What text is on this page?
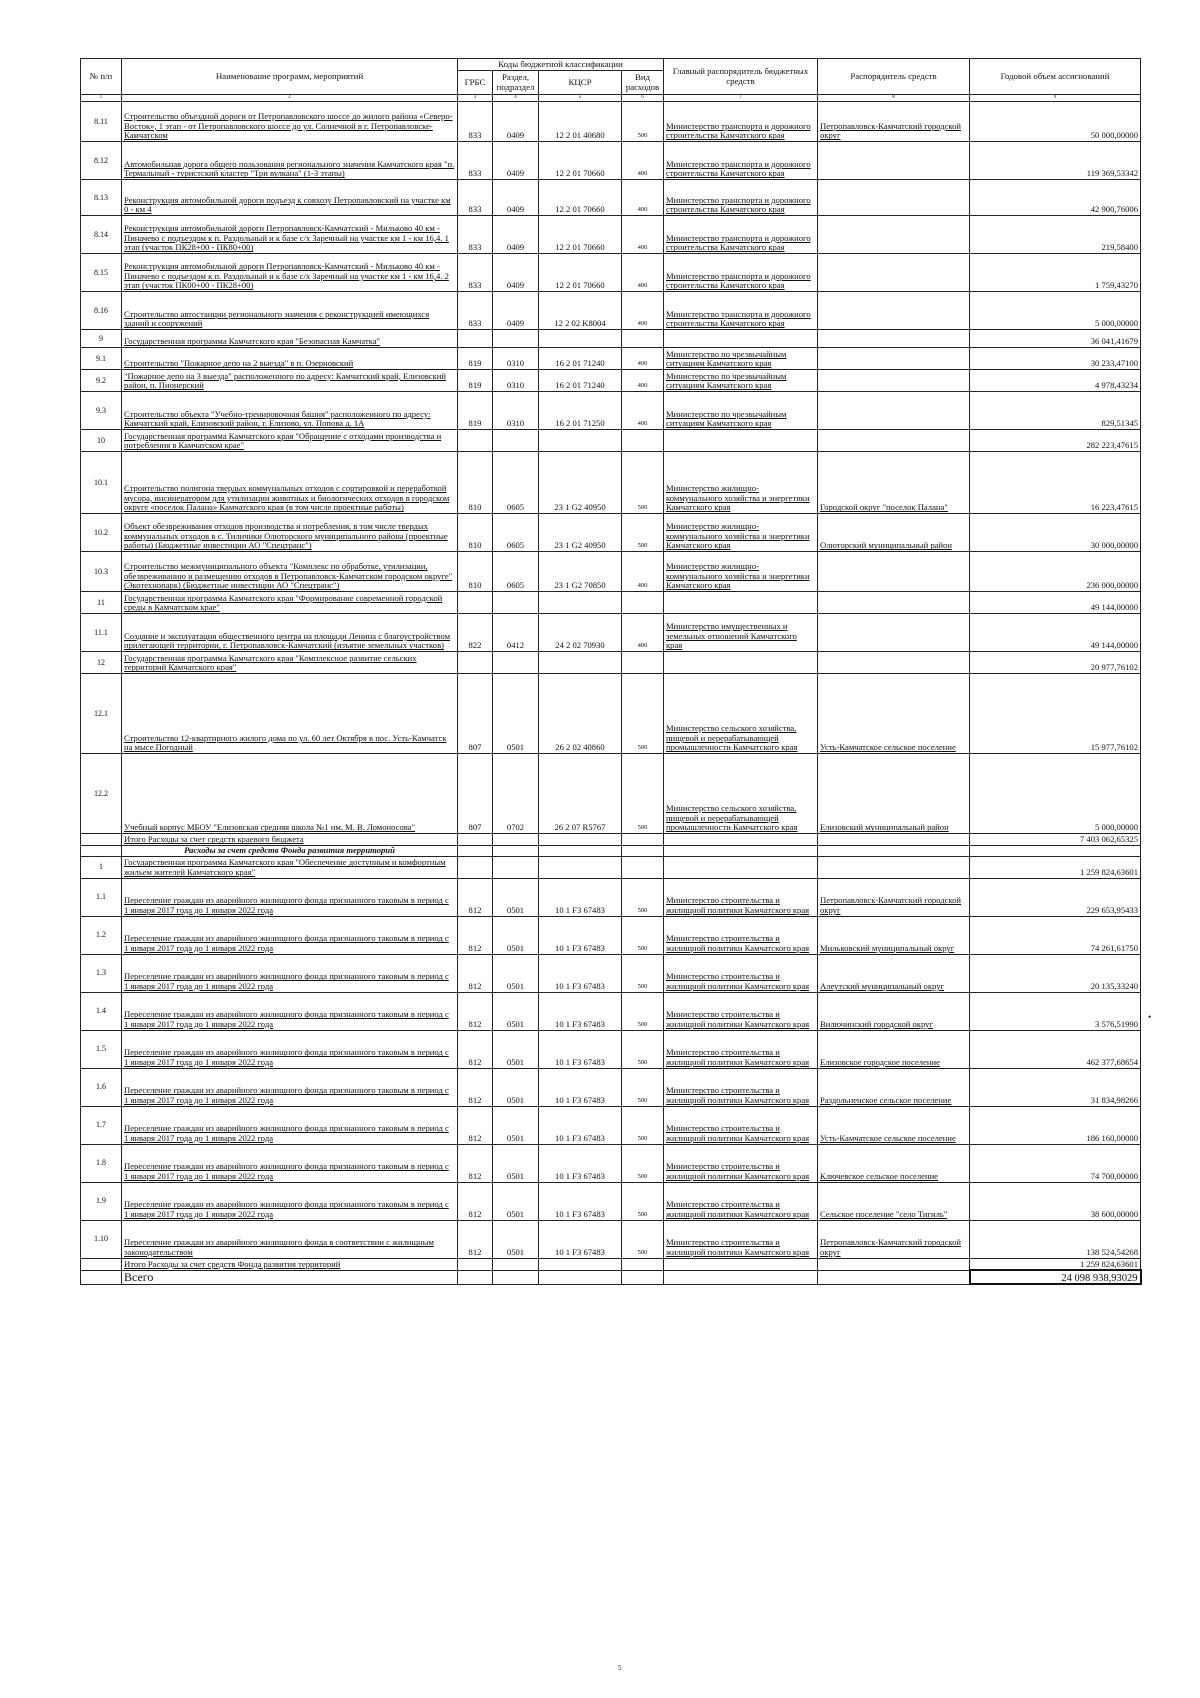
№ п/п	Наименование программ, мероприятий	Коды бюджетной классификации				Главный распорядитель бюджетных средств	Распорядитель средств	Годовой объем ассигнований
		ГРБС	Раздел, подраздел	КЦСР	Вид расходов			
1	2	3	4	5	6	7	8	9
8.11	Строительство объездной дороги от Петропавловского шоссе до жилого района «Северо-Восток», 1 этап - от Петропавловского шоссе до ул. Солнечной в г. Петропавловске-Камчатском	833	0409	12 2 01 40680	500	Министерство транспорта и дорожного строительства Камчатского края	Петропавловск-Камчатский городской округ	50 000,00000
8.12	Автомобильная дорога общего пользования регионального значения Камчатского края "п. Термальный - туристский кластер "Три вулкана" (1-3 этапы)	833	0409	12 2 01 70660	400	Министерство транспорта и дорожного строительства Камчатского края		119 369,53342
8.13	Реконструкция автомобильной дороги подъезд к совхозу Петропавловский на участке км 0 - км 4	833	0409	12 2 01 70660	400	Министерство транспорта и дорожного строительства Камчатского края		42 900,76006
8.14	Реконструкция автомобильной дороги Петропавловск-Камчатский - Мильково 40 км - Пиначево с подъездом к п. Раздольный и к базе с/х Заречный на участке км 1 - км 16,4. 1 этап (участок ПК28+00 - ПК80+00)	833	0409	12 2 01 70660	400	Министерство транспорта и дорожного строительства Камчатского края		219,58400
8.15	Реконструкция автомобильной дороги Петропавловск-Камчатский - Мильково 40 км - Пиначево с подъездом к п. Раздольный и к базе с/х Заречный на участке км 1 - км 16,4. 2 этап (участок ПК00+00 - ПК28+00)	833	0409	12 2 01 70660	400	Министерство транспорта и дорожного строительства Камчатского края		1 759,43270
8.16	Строительство автостанции регионального значения с реконструкцией имеющихся зданий и сооружений	833	0409	12 2 02 K8004	400	Министерство транспорта и дорожного строительства Камчатского края		5 000,00000
9	Государственная программа Камчатского края "Безопасная Камчатка"							36 041,41679
9.1	Строительство "Пожарное депо на 2 выезда" в п. Озерновский	819	0310	16 2 01 71240	400	Министерство по чрезвычайным ситуациям Камчатского края		30 233,47100
9.2	"Пожарное депо на 3 выезда" расположенного по адресу: Камчатский край, Елизовский район, п. Пионерский	819	0310	16 2 01 71240	400	Министерство по чрезвычайным ситуациям Камчатского края		4 978,43234
9.3	Строительство объекта "Учебно-тренировочная башня" расположенного по адресу: Камчатский край, Елизовский район, г. Елизово, ул. Попова д. 1А	819	0310	16 2 01 71250	400	Министерство по чрезвычайным ситуациям Камчатского края		829,51345
10	Государственная программа Камчатского края "Обращение с отходами производства и потребления в Камчатском крае"							282 223,47615
10.1	Строительство полигона твердых коммунальных отходов с сортировкой и переработкой мусора, инсинератором для утилизации животных и биологических отходов в городском округе «поселок Палана» Камчатского края (в том числе проектные работы)	810	0605	23 1 G2 40950	500	Министерство жилищно-коммунального хозяйства и энергетики Камчатского края	Городской округ "поселок Палана"	16 223,47615
10.2	Объект обезвреживания отходов производства и потребления, в том числе твердых коммунальных отходов в с. Тиличики Олюторского муниципального района (проектные работы) (Бюджетные инвестиции АО "Спецтранс")	810	0605	23 1 G2 40950	500	Министерство жилищно-коммунального хозяйства и энергетики Камчатского края	Олюторский муниципальный район	30 000,00000
10.3	Строительство межмуниципального объекта "Комплекс по обработке, утилизации, обезвреживанию и размещению отходов в Петропавловск-Камчатском городском округе" (Экотехнопарк) (Бюджетные инвестиции АО "Спецтранс")	810	0605	23 1 G2 70850	400	Министерство жилищно-коммунального хозяйства и энергетики Камчатского края		236 000,00000
11	Государственная программа Камчатского края "Формирование современной городской среды в Камчатском крае"							49 144,00000
11.1	Создание и эксплуатация общественного центра на площади Ленина с благоустройством прилегающей территории, г. Петропавловск-Камчатский (изъятие земельных участков)	822	0412	24 2 02 70930	400	Министерство имущественных и земельных отношений Камчатского края		49 144,00000
12	Государственная программа Камчатского края "Комплексное развитие сельских территорий Камчатского края"							20 977,76102
12.1	Строительство 12-квартирного жилого дома по ул. 60 лет Октября в пос. Усть-Камчатск на мысе Погодный	807	0501	26 2 02 40860	500	Министерство сельского хозяйства, пищевой и перерабатывающей промышленности Камчатского края	Усть-Камчатское сельское поселение	15 977,76102
12.2	Учебный корпус МБОУ "Елизовская средняя школа №1 им. М. В. Ломоносова"	807	0702	26 2 07 R5767	500	Министерство сельского хозяйства, пищевой и перерабатывающей промышленности Камчатского края	Елизовский муниципальный район	5 000,00000
	Итого Расходы за счет средств краевого бюджета							7 403 062,65325
	Расходы за счет средств Фонда развития территорий							
1	Государственная программа Камчатского края "Обеспечение доступным и комфортным жильем жителей Камчатского края"							1 259 824,63601
1.1	Переселение граждан из аварийного жилищного фонда признанного таковым в период с 1 января 2017 года до 1 января 2022 года	812	0501	10 1 F3 67483	500	Министерство строительства и жилищной политики Камчатского края	Петропавловск-Камчатский городской округ	229 653,95433
1.2	Переселение граждан из аварийного жилищного фонда признанного таковым в период с 1 января 2017 года до 1 января 2022 года	812	0501	10 1 F3 67483	500	Министерство строительства и жилищной политики Камчатского края	Мильковский муниципальный округ	74 261,61750
1.3	Переселение граждан из аварийного жилищного фонда признанного таковым в период с 1 января 2017 года до 1 января 2022 года	812	0501	10 1 F3 67483	500	Министерство строительства и жилищной политики Камчатского края	Алеутский муниципальный округ	20 135,33240
1.4	Переселение граждан из аварийного жилищного фонда признанного таковым в период с 1 января 2017 года до 1 января 2022 года	812	0501	10 1 F3 67483	500	Министерство строительства и жилищной политики Камчатского края	Вилючинский городской округ	3 576,51990
1.5	Переселение граждан из аварийного жилищного фонда признанного таковым в период с 1 января 2017 года до 1 января 2022 года	812	0501	10 1 F3 67483	500	Министерство строительства и жилищной политики Камчатского края	Елизовское городское поселение	462 377,68654
1.6	Переселение граждан из аварийного жилищного фонда признанного таковым в период с 1 января 2017 года до 1 января 2022 года	812	0501	10 1 F3 67483	500	Министерство строительства и жилищной политики Камчатского края	Раздольненское сельское поселение	31 834,98266
1.7	Переселение граждан из аварийного жилищного фонда признанного таковым в период с 1 января 2017 года до 1 января 2022 года	812	0501	10 1 F3 67483	500	Министерство строительства и жилищной политики Камчатского края	Усть-Камчатское сельское поселение	186 160,00000
1.8	Переселение граждан из аварийного жилищного фонда признанного таковым в период с 1 января 2017 года до 1 января 2022 года	812	0501	10 1 F3 67483	500	Министерство строительства и жилищной политики Камчатского края	Ключевское сельское поселение	74 700,00000
1.9	Переселение граждан из аварийного жилищного фонда признанного таковым в период с 1 января 2017 года до 1 января 2022 года	812	0501	10 1 F3 67483	500	Министерство строительства и жилищной политики Камчатского края	Сельское поселение "село Тигиль"	38 600,00000
1.10	Переселение граждан из аварийного жилищного фонда в соответствии с жилищным законодательством	812	0501	10 1 F3 67483	500	Министерство строительства и жилищной политики Камчатского края	Петропавловск-Камчатский городской округ	138 524,54268
	Итого Расходы за счет средств Фонда развития территорий							1 259 824,63601
	Всего							24 098 938,93029
5
•
